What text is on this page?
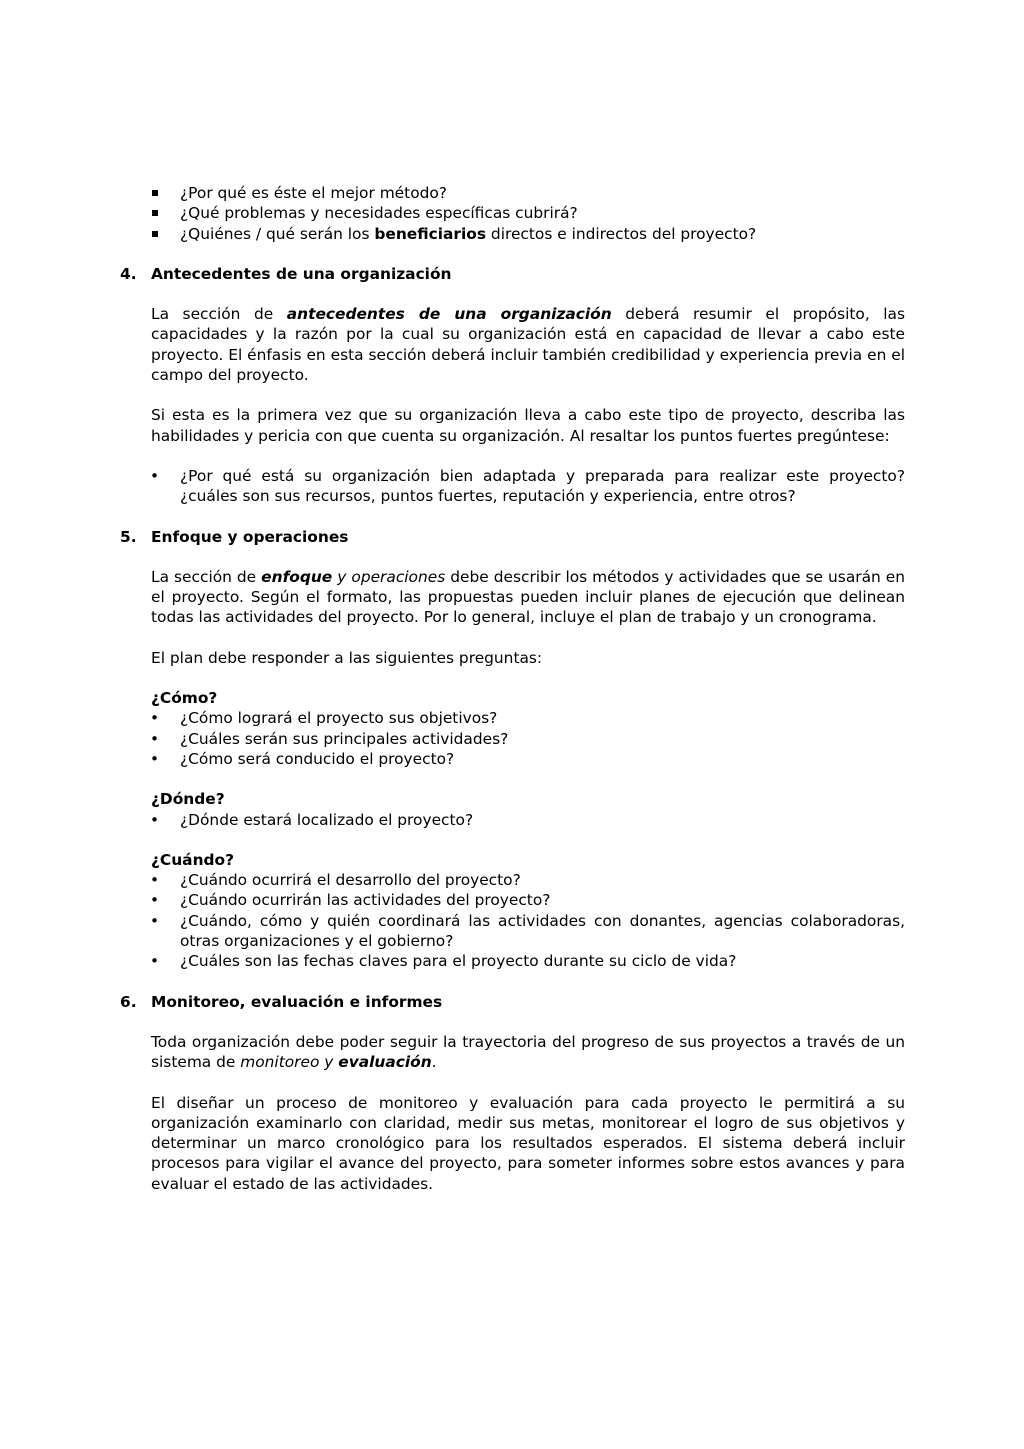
¿Por qué es éste el mejor método?
¿Qué problemas y necesidades específicas cubrirá?
¿Quiénes / qué serán los beneficiarios directos e indirectos del proyecto?
4. Antecedentes de una organización

La sección de antecedentes de una organización deberá resumir el propósito, las capacidades y la razón por la cual su organización está en capacidad de llevar a cabo este proyecto. El énfasis en esta sección deberá incluir también credibilidad y experiencia previa en el campo del proyecto.

Si esta es la primera vez que su organización lleva a cabo este tipo de proyecto, describa las habilidades y pericia con que cuenta su organización. Al resaltar los puntos fuertes pregúntese:

• ¿Por qué está su organización bien adaptada y preparada para realizar este proyecto? ¿cuáles son sus recursos, puntos fuertes, reputación y experiencia, entre otros?
5. Enfoque y operaciones

La sección de enfoque y operaciones debe describir los métodos y actividades que se usarán en el proyecto. Según el formato, las propuestas pueden incluir planes de ejecución que delinean todas las actividades del proyecto. Por lo general, incluye el plan de trabajo y un cronograma.

El plan debe responder a las siguientes preguntas:

¿Cómo?
• ¿Cómo logrará el proyecto sus objetivos?
• ¿Cuáles serán sus principales actividades?
• ¿Cómo será conducido el proyecto?
¿Dónde?
• ¿Dónde estará localizado el proyecto?
¿Cuándo?
• ¿Cuándo ocurrirá el desarrollo del proyecto?
• ¿Cuándo ocurrirán las actividades del proyecto?
• ¿Cuándo, cómo y quién coordinará las actividades con donantes, agencias colaboradoras, otras organizaciones y el gobierno?
• ¿Cuáles son las fechas claves para el proyecto durante su ciclo de vida?
6. Monitoreo, evaluación e informes

Toda organización debe poder seguir la trayectoria del progreso de sus proyectos a través de un sistema de monitoreo y evaluación.

El diseñar un proceso de monitoreo y evaluación para cada proyecto le permitirá a su organización examinarlo con claridad, medir sus metas, monitorear el logro de sus objetivos y determinar un marco cronológico para los resultados esperados. El sistema deberá incluir procesos para vigilar el avance del proyecto, para someter informes sobre estos avances y para evaluar el estado de las actividades.
